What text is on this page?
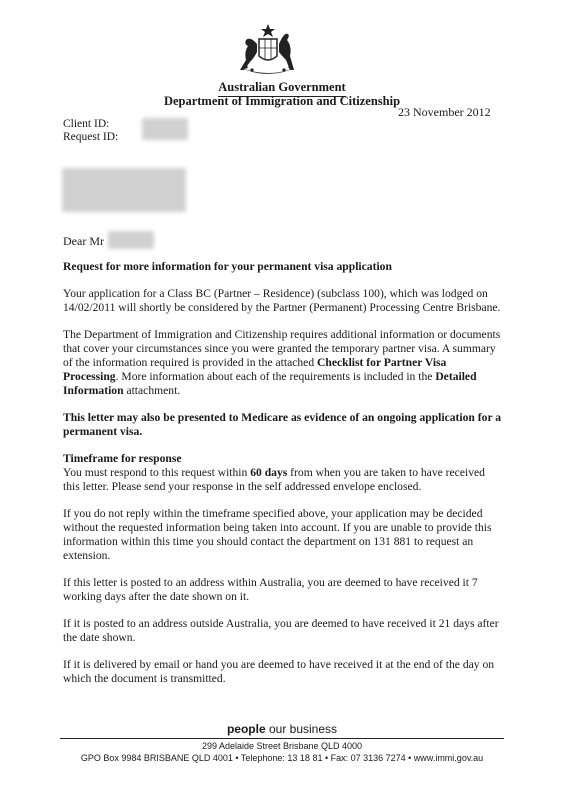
Australian Government
Department of Immigration and Citizenship
23 November 2012
Client ID:
Request ID:
Dear Mr

Request for more information for your permanent visa application

Your application for a Class BC (Partner – Residence) (subclass 100), which was lodged on 14/02/2011 will shortly be considered by the Partner (Permanent) Processing Centre Brisbane.

The Department of Immigration and Citizenship requires additional information or documents that cover your circumstances since you were granted the temporary partner visa. A summary of the information required is provided in the attached Checklist for Partner Visa Processing. More information about each of the requirements is included in the Detailed Information attachment.

This letter may also be presented to Medicare as evidence of an ongoing application for a permanent visa.

Timeframe for response

You must respond to this request within 60 days from when you are taken to have received this letter. Please send your response in the self addressed envelope enclosed.

If you do not reply within the timeframe specified above, your application may be decided without the requested information being taken into account. If you are unable to provide this information within this time you should contact the department on 131 881 to request an extension.

If this letter is posted to an address within Australia, you are deemed to have received it 7 working days after the date shown on it.

If it is posted to an address outside Australia, you are deemed to have received it 21 days after the date shown.

If it is delivered by email or hand you are deemed to have received it at the end of the day on which the document is transmitted.

people our business
299 Adelaide Street Brisbane QLD 4000
GPO Box 9984 BRISBANE QLD 4001 • Telephone: 13 18 81 • Fax: 07 3136 7274 • www.immi.gov.au
